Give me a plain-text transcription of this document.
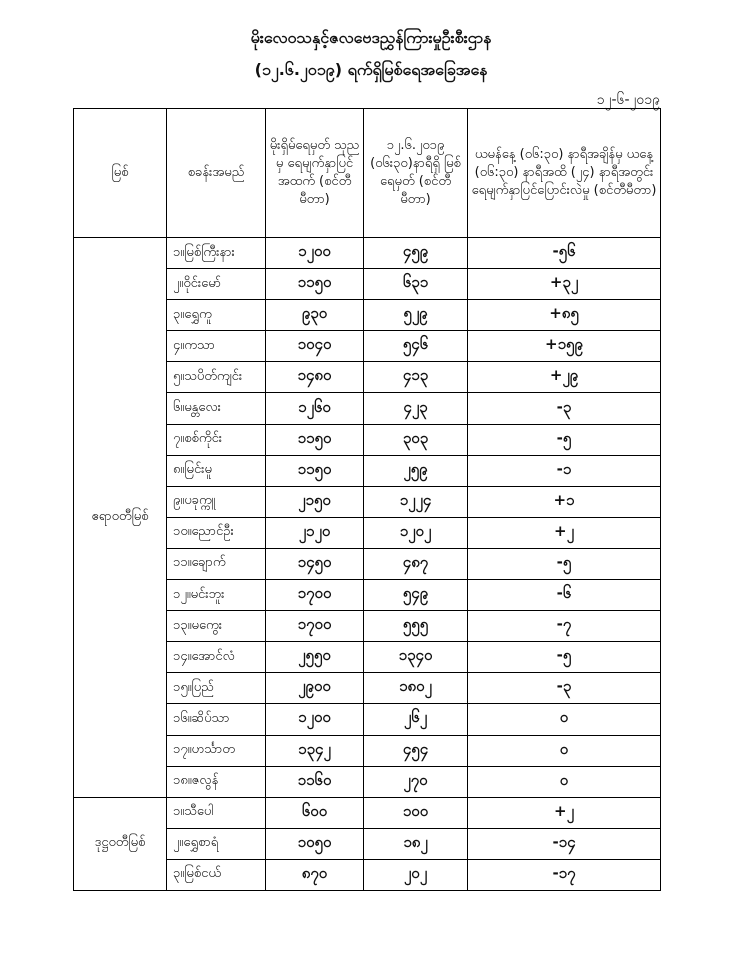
မိုးလေဝသနှင့်ဇလဗေဒညွှန်ကြားမှုဦးစီးဌာန
(၁၂.၆.၂၀၁၉) ရက်ရှိမြစ်ရေအခြေအနေ
၁၂-၆-၂၀၁၉
မြစ်	စခန်းအမည်	မိုးရှိမ်ရေမှတ် သုညမှ ရေမျက်နှာပြင်အထက် (စင်တီမီတာ)	၁၂.၆.၂၀၁၉ (၀၆း၃၀)နာရီရှိ မြစ်ရေမှတ် (စင်တီမီတာ)	ယမန်နေ့ (၀၆:၃၀) နာရီအချိန်မှ ယနေ့ (၀၆:၃၀) နာရီအထိ (၂၄) နာရီအတွင်း ရေမျက်နှာပြင်ပြောင်းလဲမှု (စင်တီမီတာ)
ဧရာဝတီမြစ်	၁။မြစ်ကြီးနား	၁၂၀၀	၄၅၉	-၅၆
	၂။ဝိုင်းမော်	၁၁၅၀	၆၃၁	+၃၂
	၃။ရွှေကူ	၉၃၀	၅၂၉	+၈၅
	၄။ကသာ	၁၀၄၀	၅၄၆	+၁၅၉
	၅။သပိတ်ကျင်း	၁၄၈၀	၄၁၃	+၂၉
	၆။မန္တလေး	၁၂၆၀	၄၂၃	-၃
	၇။စစ်ကိုင်း	၁၁၅၀	၃၀၃	-၅
	၈။မြင်းမူ	၁၁၅၀	၂၅၉	-၁
	၉။ပခုက္ကူ	၂၁၅၀	၁၂၂၄	+၁
	၁၀။ညောင်ဦး	၂၁၂၀	၁၂၀၂	+၂
	၁၁။ချောက်	၁၄၅၀	၄၈၇	-၅
	၁၂။မင်းဘူး	၁၇၀၀	၅၄၉	-၆
	၁၃။မကွေး	၁၇၀၀	၅၅၅	-၇
	၁၄။အောင်လံ	၂၅၅၀	၁၃၄၀	-၅
	၁၅။ပြည်	၂၉၀၀	၁၈၀၂	-၃
	၁၆။ဆိပ်သာ	၁၂၀၀	၂၆၂	၀
	၁၇။ဟင်္သာတ	၁၃၄၂	၄၅၄	၀
	၁၈။ဇလွန်	၁၁၆၀	၂၇၀	၀
ဒုဋ္ဌဝတီမြစ်	၁။သီပေါ	၆၀၀	၁၀၀	+၂
	၂။ရွှေစာရံ	၁၀၅၀	၁၈၂	-၁၄
	၃။မြစ်ငယ်	၈၇၀	၂၀၂	-၁၇
